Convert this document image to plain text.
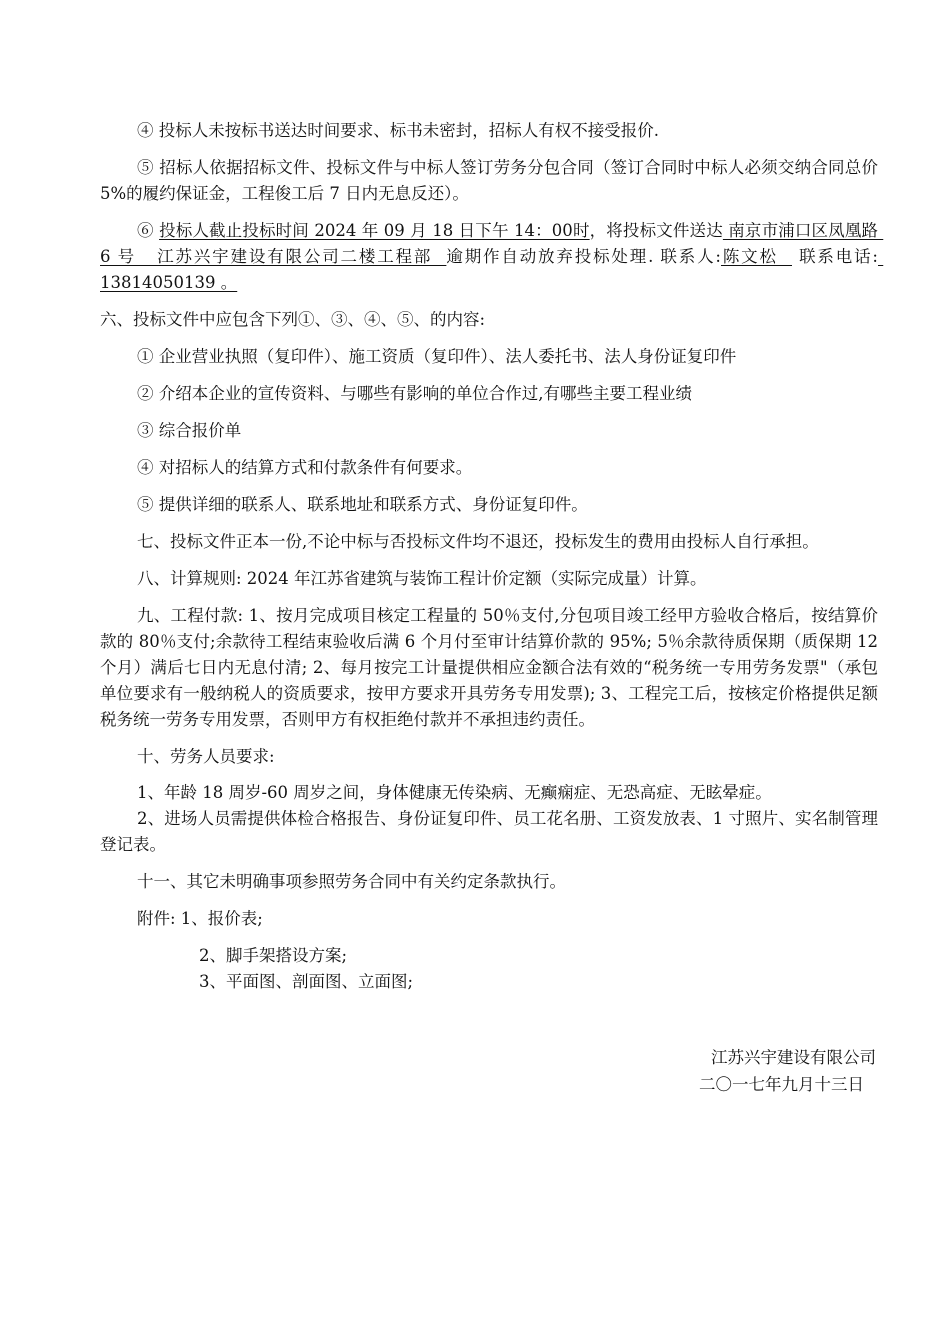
④ 投标人未按标书送达时间要求、标书未密封，招标人有权不接受报价.

⑤ 招标人依据招标文件、投标文件与中标人签订劳务分包合同（签订合同时中标人必须交纳合同总价 5%的履约保证金，工程俊工后 7 日内无息反还）。

⑥ 投标人截止投标时间 2024 年 09 月 18 日下午 14：00时，将投标文件送达 南京市浦口区凤凰路 6 号   江苏兴宇建设有限公司二楼工程部  逾期作自动放弃投标处理. 联系人:陈文松   联系电话: 13814050139 。

六、投标文件中应包含下列①、③、④、⑤、的内容:

① 企业营业执照（复印件）、施工资质（复印件）、法人委托书、法人身份证复印件

② 介绍本企业的宣传资料、与哪些有影响的单位合作过,有哪些主要工程业绩

③ 综合报价单

④ 对招标人的结算方式和付款条件有何要求。

⑤ 提供详细的联系人、联系地址和联系方式、身份证复印件。

七、投标文件正本一份,不论中标与否投标文件均不退还，投标发生的费用由投标人自行承担。

八、计算规则: 2024 年江苏省建筑与装饰工程计价定额（实际完成量）计算。

九、工程付款: 1、按月完成项目核定工程量的 50％支付,分包项目竣工经甲方验收合格后，按结算价款的 80％支付;余款待工程结束验收后满 6 个月付至审计结算价款的 95%; 5％余款待质保期（质保期 12 个月）满后七日内无息付清; 2、每月按完工计量提供相应金额合法有效的“税务统一专用劳务发票"（承包单位要求有一般纳税人的资质要求，按甲方要求开具劳务专用发票); 3、工程完工后，按核定价格提供足额税务统一劳务专用发票，否则甲方有权拒绝付款并不承担违约责任。

十、劳务人员要求:

1、年龄 18 周岁-60 周岁之间，身体健康无传染病、无癫痫症、无恐高症、无眩晕症。

2、进场人员需提供体检合格报告、身份证复印件、员工花名册、工资发放表、1 寸照片、实名制管理登记表。

十一、其它未明确事项参照劳务合同中有关约定条款执行。

附件: 1、报价表;

2、脚手架搭设方案;

3、平面图、剖面图、立面图;

江苏兴宇建设有限公司
二〇一七年九月十三日
